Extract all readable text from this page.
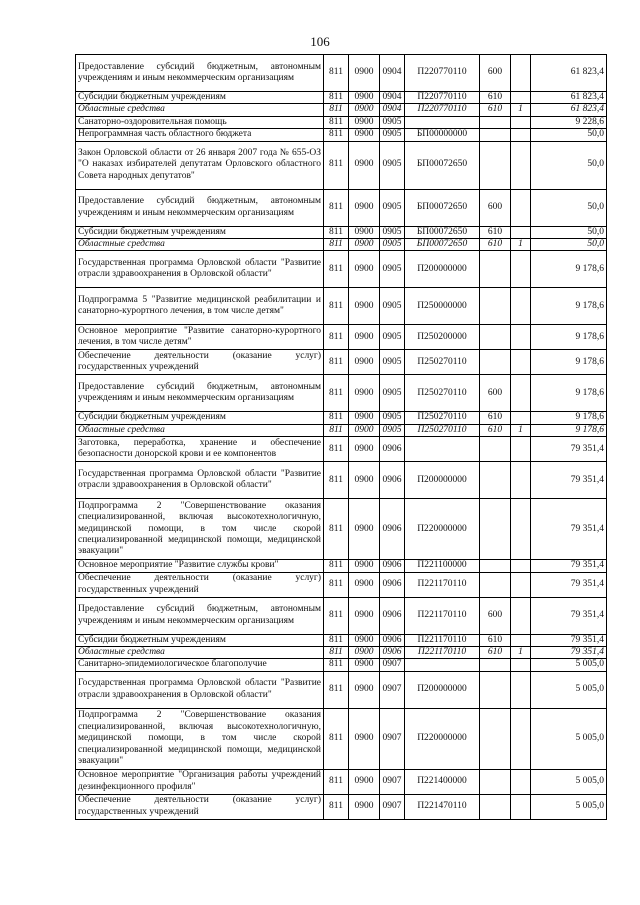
106
Предоставление субсидий бюджетным, автономным учреждениям и иным некоммерческим организациям	811	0900	0904	П220770110	600		61 823,4
Субсидии бюджетным учреждениям	811	0900	0904	П220770110	610		61 823,4
Областные средства	811	0900	0904	П220770110	610	1	61 823,4
Санаторно-оздоровительная помощь	811	0900	0905				9 228,6
Непрограммная часть областного бюджета	811	0900	0905	БП00000000			50,0
Закон Орловской области от 26 января 2007 года № 655-ОЗ "О наказах избирателей депутатам Орловского областного Совета народных депутатов"	811	0900	0905	БП00072650			50,0
Предоставление субсидий бюджетным, автономным учреждениям и иным некоммерческим организациям	811	0900	0905	БП00072650	600		50,0
Субсидии бюджетным учреждениям	811	0900	0905	БП00072650	610		50,0
Областные средства	811	0900	0905	БП00072650	610	1	50,0
Государственная программа Орловской области "Развитие отрасли здравоохранения в Орловской области"	811	0900	0905	П200000000			9 178,6
Подпрограмма 5 "Развитие медицинской реабилитации и санаторно-курортного лечения, в том числе детям"	811	0900	0905	П250000000			9 178,6
Основное мероприятие "Развитие санаторно-курортного лечения, в том числе детям"	811	0900	0905	П250200000			9 178,6
Обеспечение деятельности (оказание услуг) государственных учреждений	811	0900	0905	П250270110			9 178,6
Предоставление субсидий бюджетным, автономным учреждениям и иным некоммерческим организациям	811	0900	0905	П250270110	600		9 178,6
Субсидии бюджетным учреждениям	811	0900	0905	П250270110	610		9 178,6
Областные средства	811	0900	0905	П250270110	610	1	9 178,6
Заготовка, переработка, хранение и обеспечение безопасности донорской крови и ее компонентов	811	0900	0906				79 351,4
Государственная программа Орловской области "Развитие отрасли здравоохранения в Орловской области"	811	0900	0906	П200000000			79 351,4
Подпрограмма 2 "Совершенствование оказания специализированной, включая высокотехнологичную, медицинской помощи, в том числе скорой специализированной медицинской помощи, медицинской эвакуации"	811	0900	0906	П220000000			79 351,4
Основное мероприятие "Развитие службы крови"	811	0900	0906	П221100000			79 351,4
Обеспечение деятельности (оказание услуг) государственных учреждений	811	0900	0906	П221170110			79 351,4
Предоставление субсидий бюджетным, автономным учреждениям и иным некоммерческим организациям	811	0900	0906	П221170110	600		79 351,4
Субсидии бюджетным учреждениям	811	0900	0906	П221170110	610		79 351,4
Областные средства	811	0900	0906	П221170110	610	1	79 351,4
Санитарно-эпидемиологическое благополучие	811	0900	0907				5 005,0
Государственная программа Орловской области "Развитие отрасли здравоохранения в Орловской области"	811	0900	0907	П200000000			5 005,0
Подпрограмма 2 "Совершенствование оказания специализированной, включая высокотехнологичную, медицинской помощи, в том числе скорой специализированной медицинской помощи, медицинской эвакуации"	811	0900	0907	П220000000			5 005,0
Основное мероприятие "Организация работы учреждений дезинфекционного профиля"	811	0900	0907	П221400000			5 005,0
Обеспечение деятельности (оказание услуг) государственных учреждений	811	0900	0907	П221470110			5 005,0
